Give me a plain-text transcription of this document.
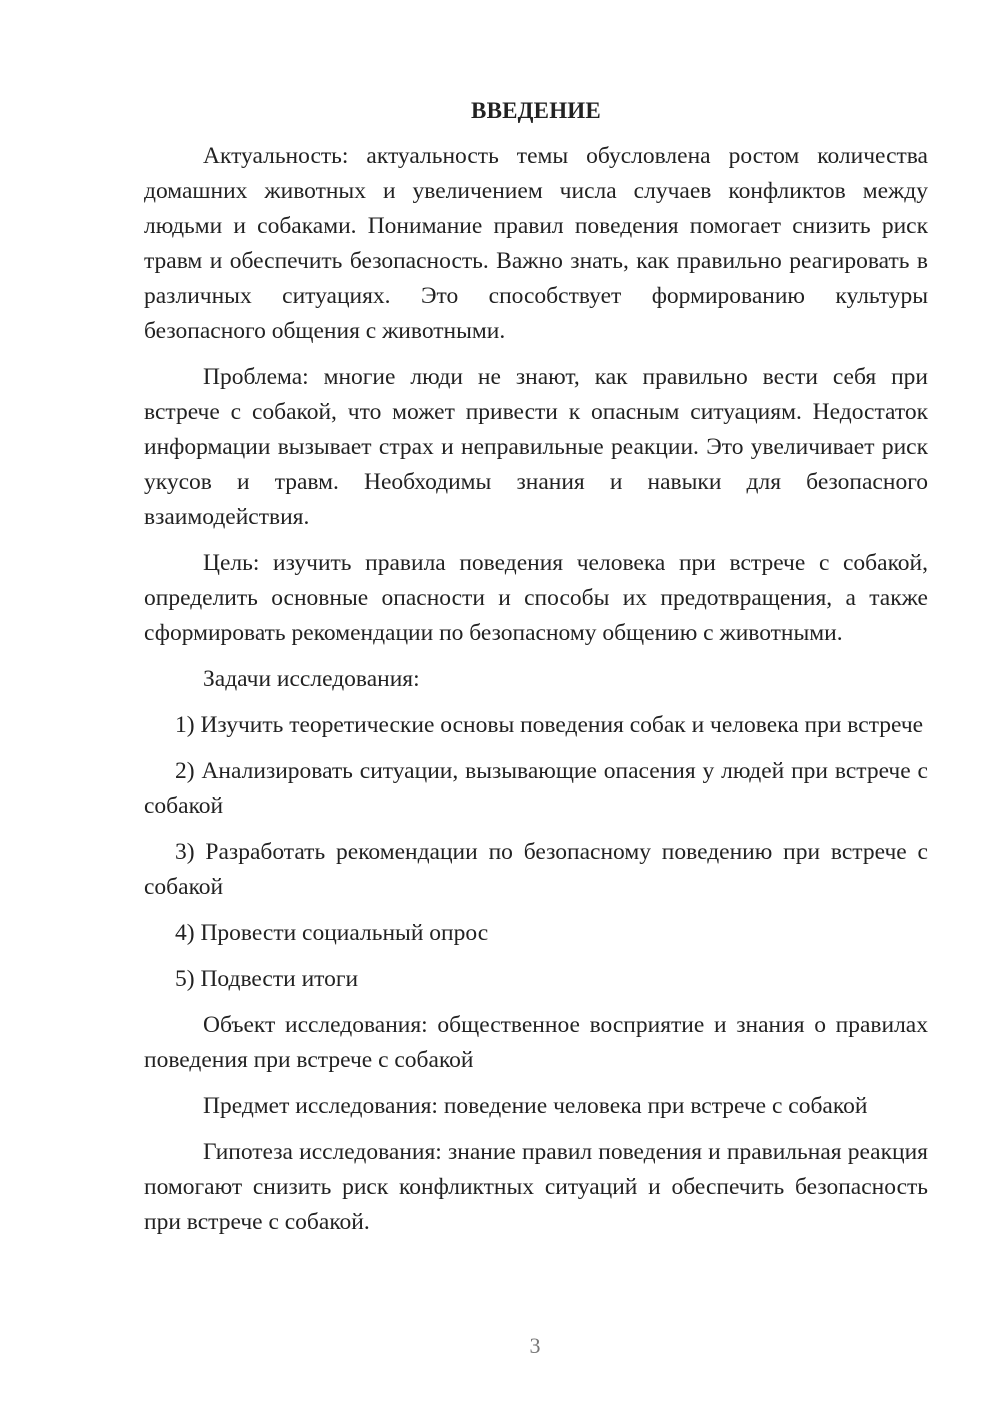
ВВЕДЕНИЕ

Актуальность: актуальность темы обусловлена ростом количества домашних животных и увеличением числа случаев конфликтов между людьми и собаками. Понимание правил поведения помогает снизить риск травм и обеспечить безопасность. Важно знать, как правильно реагировать в различных ситуациях. Это способствует формированию культуры безопасного общения с животными.

Проблема: многие люди не знают, как правильно вести себя при встрече с собакой, что может привести к опасным ситуациям. Недостаток информации вызывает страх и неправильные реакции. Это увеличивает риск укусов и травм. Необходимы знания и навыки для безопасного взаимодействия.

Цель: изучить правила поведения человека при встрече с собакой, определить основные опасности и способы их предотвращения, а также сформировать рекомендации по безопасному общению с животными.

Задачи исследования:

1) Изучить теоретические основы поведения собак и человека при встрече

2) Анализировать ситуации, вызывающие опасения у людей при встрече с собакой

3) Разработать рекомендации по безопасному поведению при встрече с собакой

4) Провести социальный опрос

5) Подвести итоги

Объект исследования: общественное восприятие и знания о правилах поведения при встрече с собакой

Предмет исследования: поведение человека при встрече с собакой

Гипотеза исследования: знание правил поведения и правильная реакция помогают снизить риск конфликтных ситуаций и обеспечить безопасность при встрече с собакой.

3
